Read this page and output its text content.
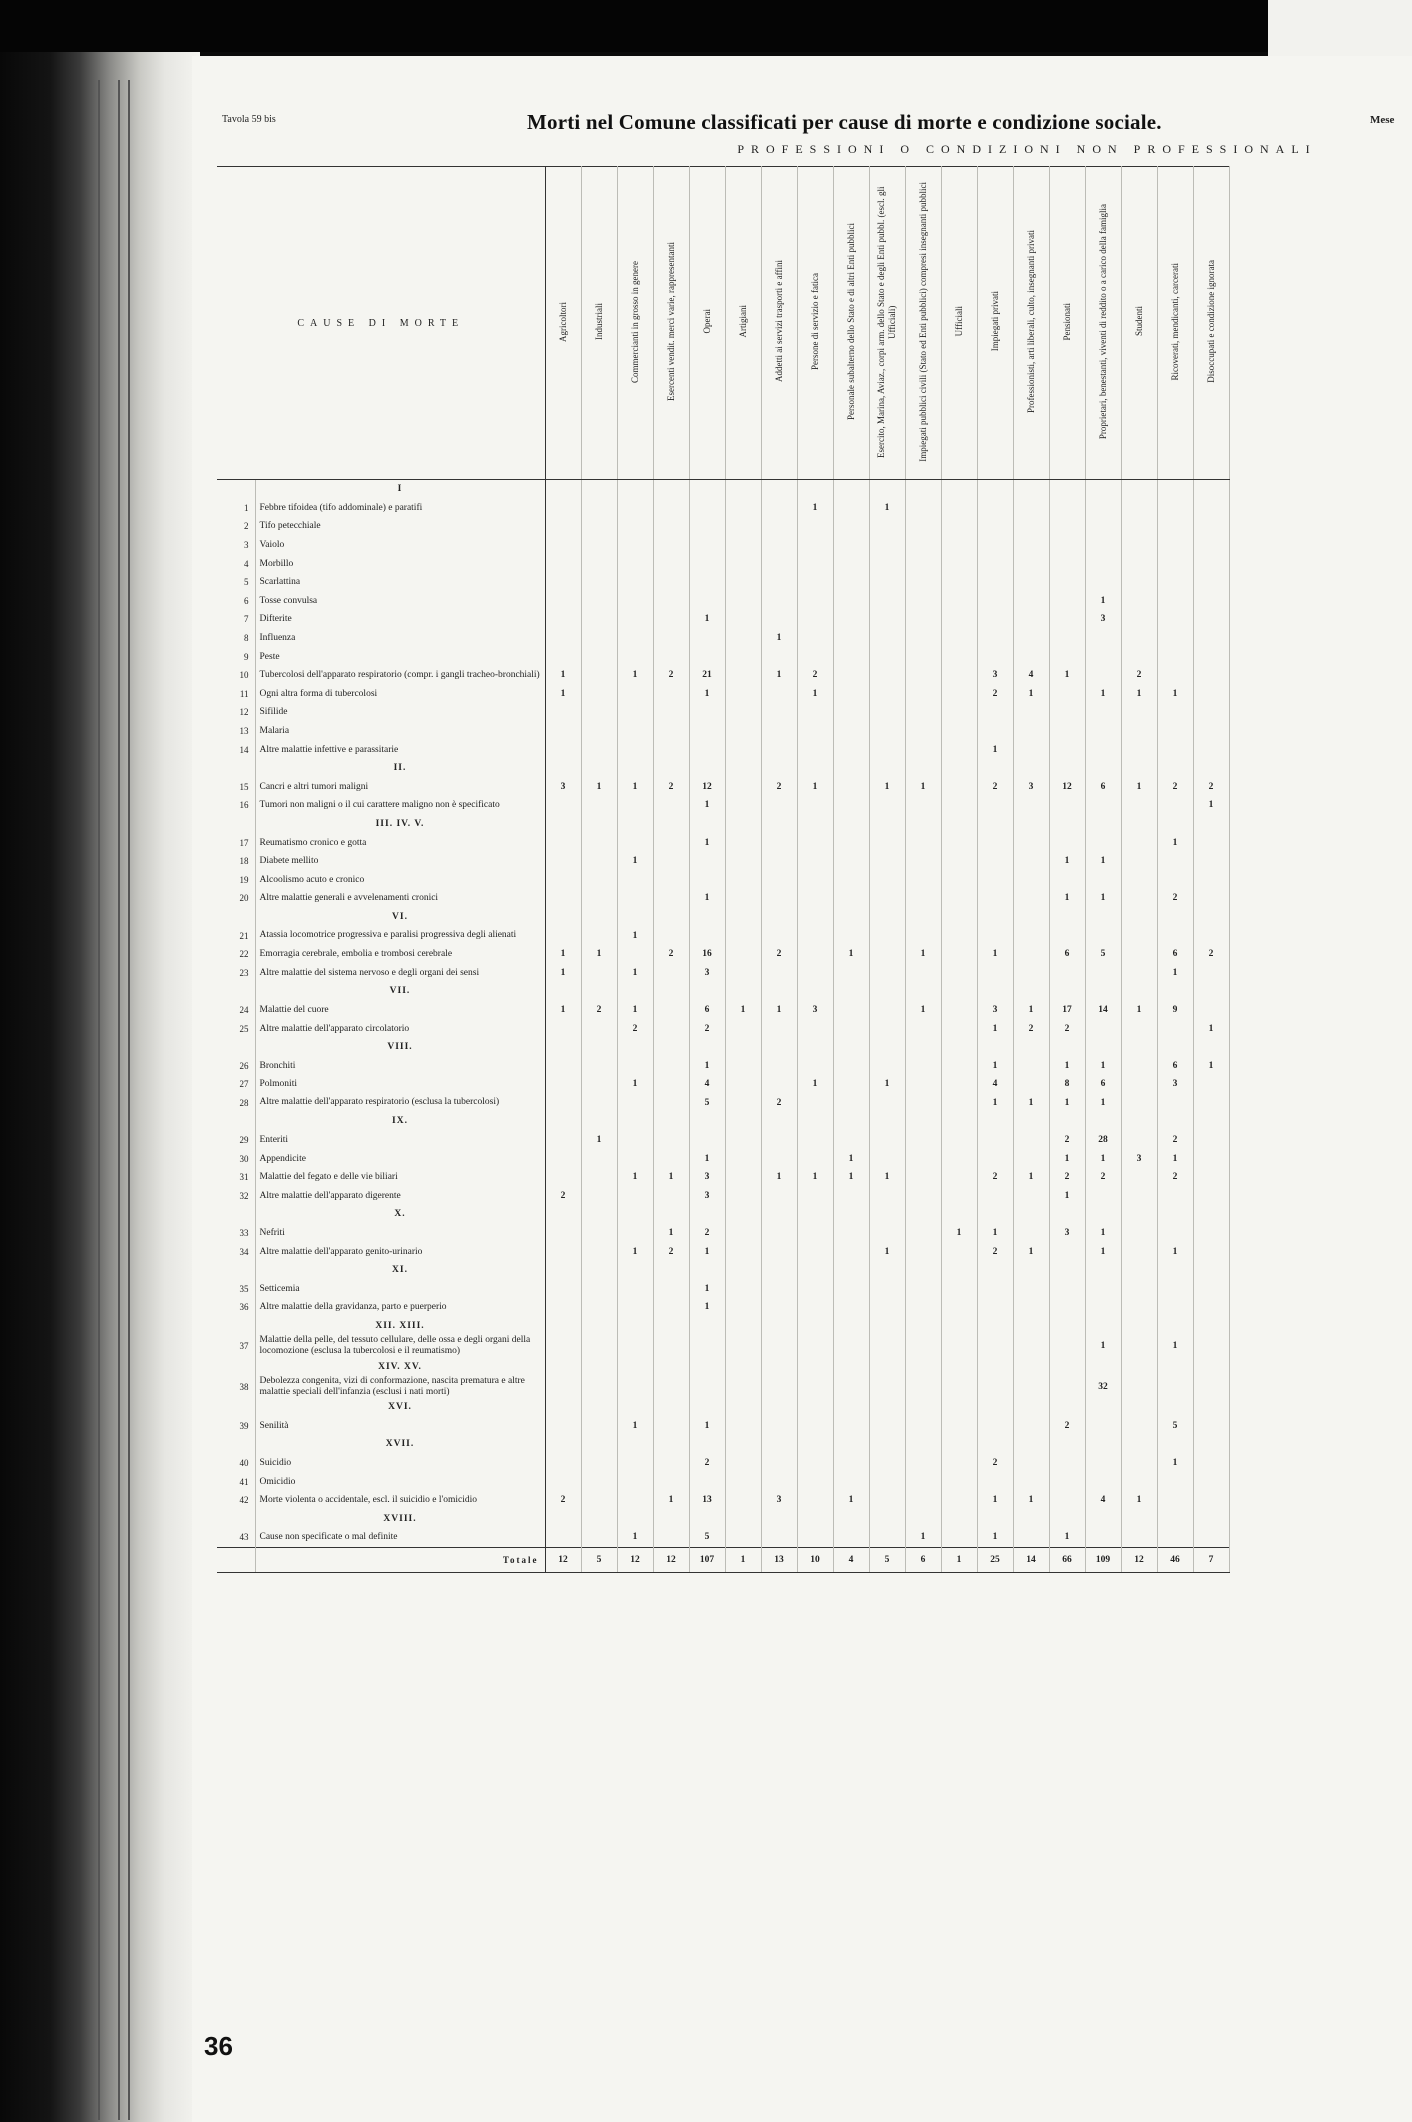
Tavola 59 bis	Morti nel Comune classificati per cause di morte e condizione sociale.	Mese
PROFESSIONI O CONDIZIONI NON PROFESSIONALI
CAUSE DI MORTE		Agricoltori	Industriali	Commercianti in grosso in genere	Esercenti vendit. merci varie, rappresentanti	Operai	Artigiani	Addetti ai servizi trasporti e affini	Persone di servizio e fatica	Personale subalterno dello Stato e di altri Enti pubblici	Esercito, Marina, Aviaz., corpi arm. dello Stato e degli Enti pubbl. (escl. gli Ufficiali)	Impiegati pubblici civili (Stato ed Enti pubblici) compresi insegnanti pubblici	Ufficiali	Impiegati privati	Professionisti, arti liberali, culto, insegnanti privati	Pensionati	Proprietari, benestanti, viventi di reddito o a carico della famiglia	Studenti	Ricoverati, mendicanti, carcerati	Disoccupati e condizione ignorata
	I																			
1	Febbre tifoidea (tifo addominale) e paratifi								1		1									
2	Tifo petecchiale																			
3	Vaiolo																			
4	Morbillo																			
5	Scarlattina																			
6	Tosse convulsa																1			
7	Difterite					1											3			
8	Influenza							1												
9	Peste																			
10	Tubercolosi dell'apparato respiratorio (compr. i gangli tracheo-bronchiali)	1		1	2	21		1	2					3	4	1		2		
11	Ogni altra forma di tubercolosi	1				1			1					2	1		1	1	1	
12	Sifilide																			
13	Malaria																			
14	Altre malattie infettive e parassitarie													1						
	II.																			
15	Cancri e altri tumori maligni	3	1	1	2	12		2	1		1	1		2	3	12	6	1	2	2
16	Tumori non maligni o il cui carattere maligno non è specificato					1														1
	III. IV. V.																			
17	Reumatismo cronico e gotta					1													1	
18	Diabete mellito			1												1	1			
19	Alcoolismo acuto e cronico																			
20	Altre malattie generali e avvelenamenti cronici					1										1	1		2	
	VI.																			
21	Atassia locomotrice progressiva e paralisi progressiva degli alienati			1																
22	Emorragia cerebrale, embolia e trombosi cerebrale	1	1		2	16		2		1		1		1		6	5		6	2
23	Altre malattie del sistema nervoso e degli organi dei sensi	1		1		3													1	
	VII.																			
24	Malattie del cuore	1	2	1		6	1	1	3			1		3	1	17	14	1	9	
25	Altre malattie dell'apparato circolatorio			2		2								1	2	2				1
	VIII.																			
26	Bronchiti					1								1		1	1		6	1
27	Polmoniti			1		4			1		1			4		8	6		3	
28	Altre malattie dell'apparato respiratorio (esclusa la tubercolosi)					5		2						1	1	1	1			
	IX.																			
29	Enteriti		1													2	28		2	
30	Appendicite					1				1						1	1	3	1	
31	Malattie del fegato e delle vie biliari			1	1	3		1	1	1	1			2	1	2	2		2	
32	Altre malattie dell'apparato digerente	2				3										1				
	X.																			
33	Nefriti				1	2							1	1		3	1			
34	Altre malattie dell'apparato genito-urinario			1	2	1					1			2	1		1		1	
	XI.																			
35	Setticemia					1														
36	Altre malattie della gravidanza, parto e puerperio					1														
	XII. XIII.																			
37	Malattie della pelle, del tessuto cellulare, delle ossa e degli organi della locomozione (esclusa la tubercolosi e il reumatismo)																1		1	
	XIV. XV.																			
38	Debolezza congenita, vizi di conformazione, nascita prematura e altre malattie speciali dell'infanzia (esclusi i nati morti)																32			
	XVI.																			
39	Senilità			1		1										2			5	
	XVII.																			
40	Suicidio					2								2					1	
41	Omicidio																			
42	Morte violenta o accidentale, escl. il suicidio e l'omicidio	2			1	13		3		1				1	1		4	1		
	XVIII.																			
43	Cause non specificate o mal definite			1		5						1		1		1				
	Totale	12	5	12	12	107	1	13	10	4	5	6	1	25	14	66	109	12	46	7
36
